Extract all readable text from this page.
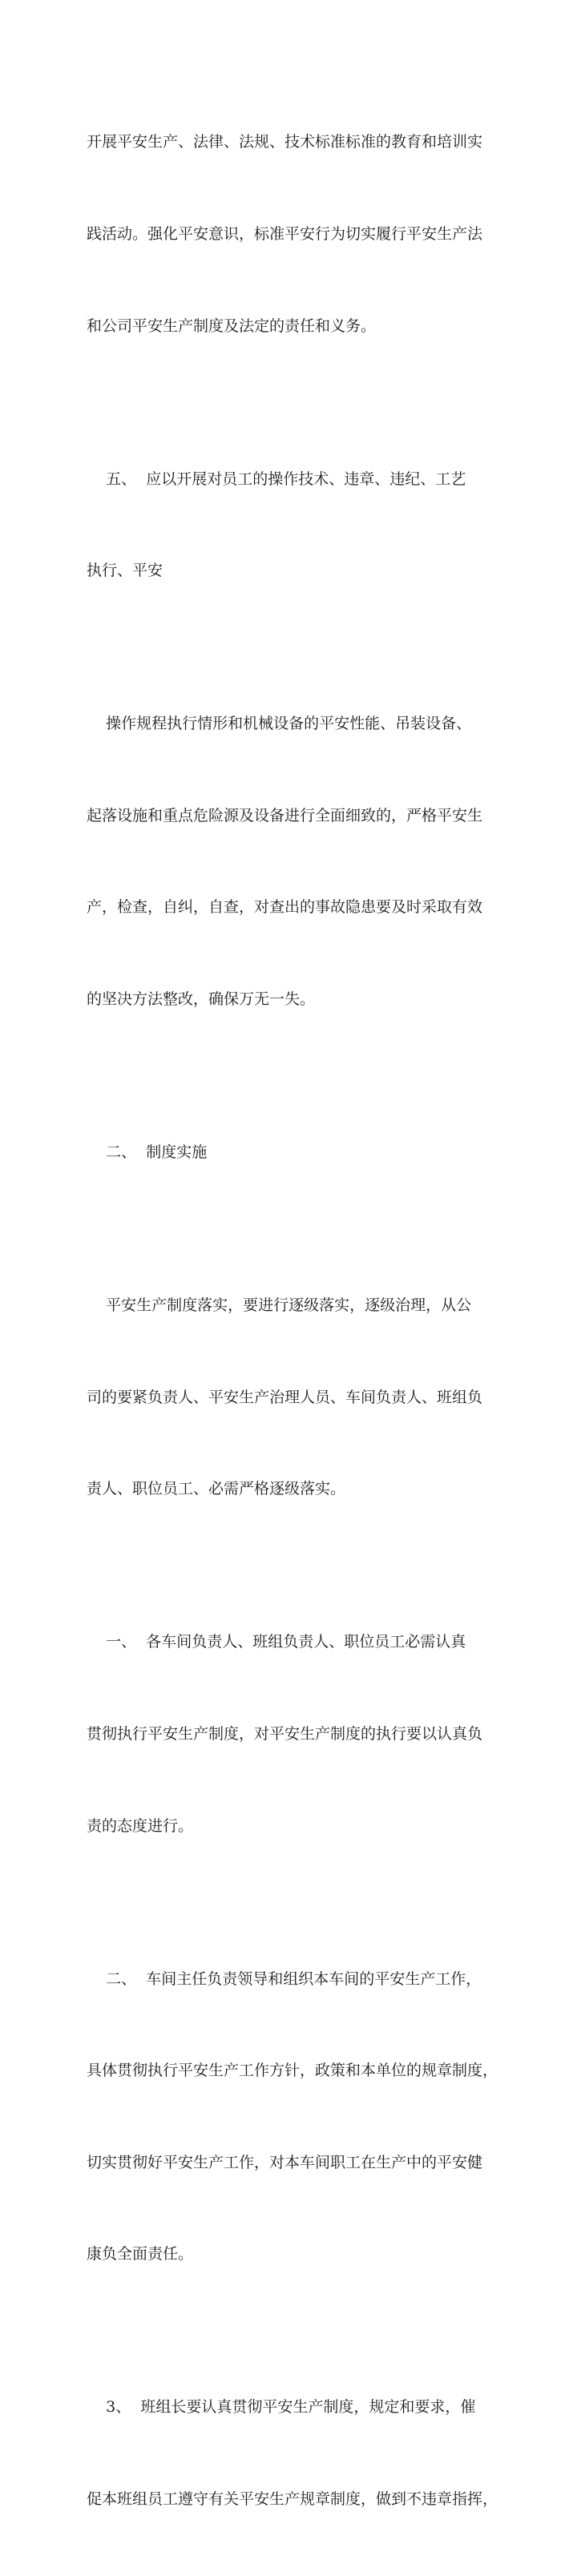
开展平安生产、法律、法规、技术标准标准的教育和培训实

践活动。强化平安意识，标准平安行为切实履行平安生产法

和公司平安生产制度及法定的责任和义务。

五、  应以开展对员工的操作技术、违章、违纪、工艺

执行、平安

操作规程执行情形和机械设备的平安性能、吊装设备、

起落设施和重点危险源及设备进行全面细致的，严格平安生

产，检查，自纠，自查，对查出的事故隐患要及时采取有效

的坚决方法整改，确保万无一失。

二、  制度实施

平安生产制度落实，要进行逐级落实，逐级治理，从公

司的要紧负责人、平安生产治理人员、车间负责人、班组负

责人、职位员工、必需严格逐级落实。

一、  各车间负责人、班组负责人、职位员工必需认真

贯彻执行平安生产制度，对平安生产制度的执行要以认真负

责的态度进行。

二、  车间主任负责领导和组织本车间的平安生产工作，

具体贯彻执行平安生产工作方针，政策和本单位的规章制度，

切实贯彻好平安生产工作，对本车间职工在生产中的平安健

康负全面责任。

3、  班组长要认真贯彻平安生产制度，规定和要求，催

促本班组员工遵守有关平安生产规章制度，做到不违章指挥，
